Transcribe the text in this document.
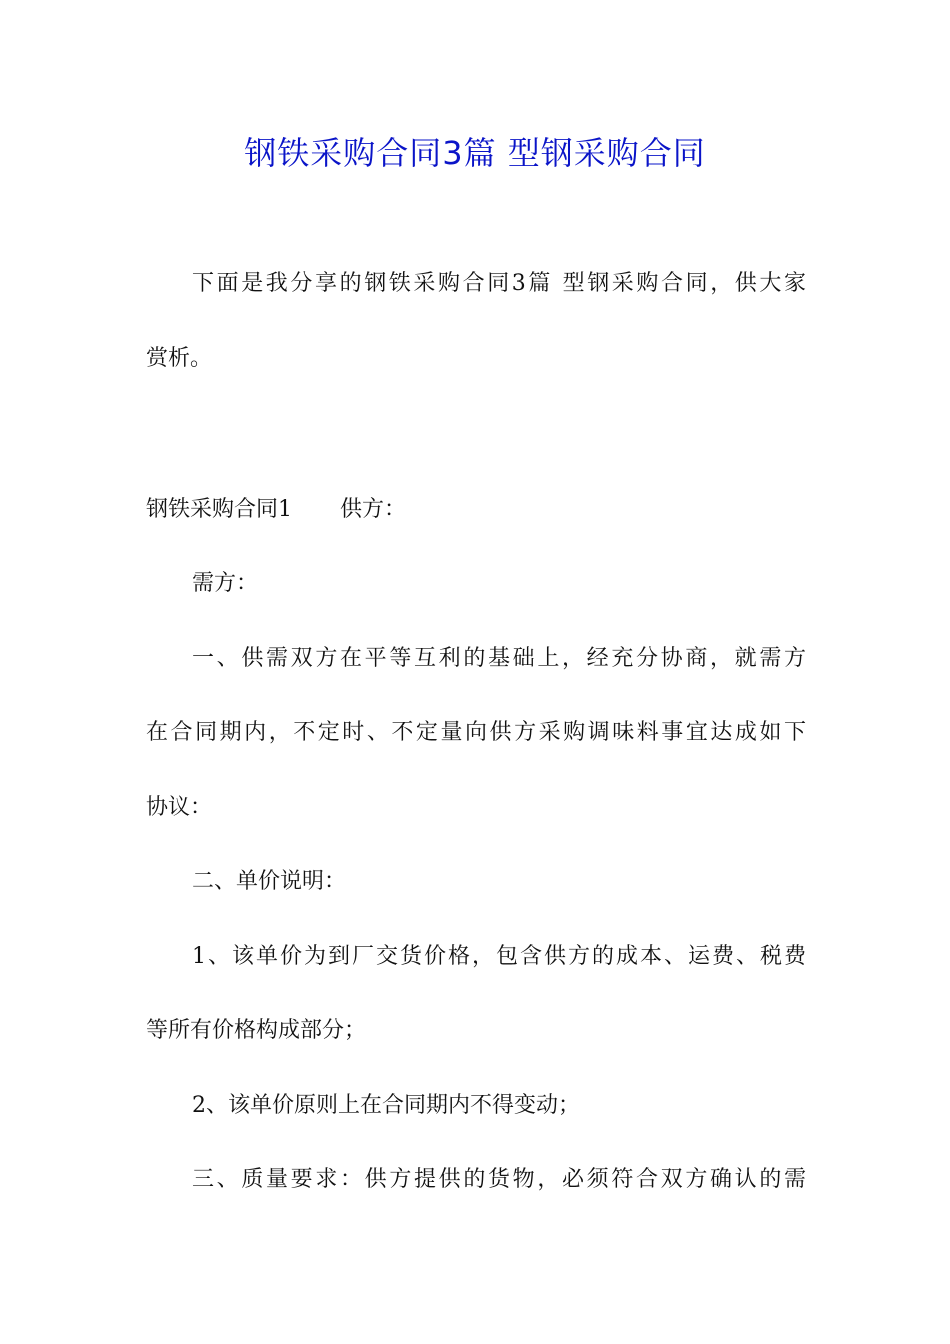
钢铁采购合同3篇 型钢采购合同
下面是我分享的钢铁采购合同3篇 型钢采购合同，供大家
赏析。
钢铁采购合同1 供方：
需方：
一、供需双方在平等互利的基础上，经充分协商，就需方
在合同期内，不定时、不定量向供方采购调味料事宜达成如下
协议：
二、单价说明：
1、该单价为到厂交货价格，包含供方的成本、运费、税费
等所有价格构成部分；
2、该单价原则上在合同期内不得变动；
三、质量要求：供方提供的货物，必须符合双方确认的需
